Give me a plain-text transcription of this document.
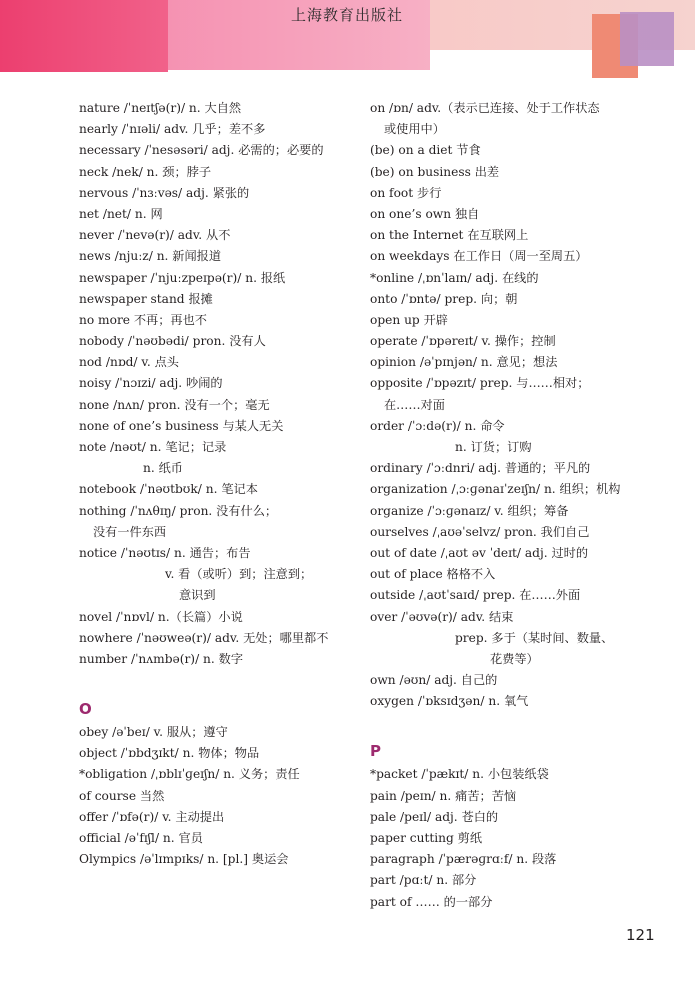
上海教育出版社
nature /ˈneɪtʃə(r)/ n. 大自然
nearly /ˈnɪəli/ adv. 几乎；差不多
necessary /ˈnesəsəri/ adj. 必需的；必要的
neck /nek/ n. 颈；脖子
nervous /ˈnɜːvəs/ adj. 紧张的
net /net/ n. 网
never /ˈnevə(r)/ adv. 从不
news /njuːz/ n. 新闻报道
newspaper /ˈnjuːzpeɪpə(r)/ n. 报纸
newspaper stand 报摊
no more 不再；再也不
nobody /ˈnəʊbədi/ pron. 没有人
nod /nɒd/ v. 点头
noisy /ˈnɔɪzi/ adj. 吵闹的
none /nʌn/ pron. 没有一个；毫无
none of one’s business 与某人无关
note /nəʊt/ n. 笔记；记录
n. 纸币
notebook /ˈnəʊtbʊk/ n. 笔记本
nothing /ˈnʌθɪŋ/ pron. 没有什么；
没有一件东西
notice /ˈnəʊtɪs/ n. 通告；布告
v. 看（或听）到；注意到；
意识到
novel /ˈnɒvl/ n.（长篇）小说
nowhere /ˈnəʊweə(r)/ adv. 无处；哪里都不
number /ˈnʌmbə(r)/ n. 数字
O
obey /əˈbeɪ/ v. 服从；遵守
object /ˈɒbdʒɪkt/ n. 物体；物品
*obligation /ˌɒblɪˈɡeɪʃn/ n. 义务；责任
of course 当然
offer /ˈɒfə(r)/ v. 主动提出
official /əˈfɪʃl/ n. 官员
Olympics /əˈlɪmpɪks/ n. [pl.] 奥运会
on /ɒn/ adv.（表示已连接、处于工作状态
或使用中）
(be) on a diet 节食
(be) on business 出差
on foot 步行
on one’s own 独自
on the Internet 在互联网上
on weekdays 在工作日（周一至周五）
*online /ˌɒnˈlaɪn/ adj. 在线的
onto /ˈɒntə/ prep. 向；朝
open up 开辟
operate /ˈɒpəreɪt/ v. 操作；控制
opinion /əˈpɪnjən/ n. 意见；想法
opposite /ˈɒpəzɪt/ prep. 与……相对；
在……对面
order /ˈɔːdə(r)/ n. 命令
n. 订货；订购
ordinary /ˈɔːdnri/ adj. 普通的；平凡的
organization /ˌɔːɡənaɪˈzeɪʃn/ n. 组织；机构
organize /ˈɔːɡənaɪz/ v. 组织；筹备
ourselves /ˌaʊəˈselvz/ pron. 我们自己
out of date /ˌaʊt əv ˈdeɪt/ adj. 过时的
out of place 格格不入
outside /ˌaʊtˈsaɪd/ prep. 在……外面
over /ˈəʊvə(r)/ adv. 结束
prep. 多于（某时间、数量、
花费等）
own /əʊn/ adj. 自己的
oxygen /ˈɒksɪdʒən/ n. 氧气
P
*packet /ˈpækɪt/ n. 小包装纸袋
pain /peɪn/ n. 痛苦；苦恼
pale /peɪl/ adj. 苍白的
paper cutting 剪纸
paragraph /ˈpærəɡrɑːf/ n. 段落
part /pɑːt/ n. 部分
part of …… 的一部分
121
